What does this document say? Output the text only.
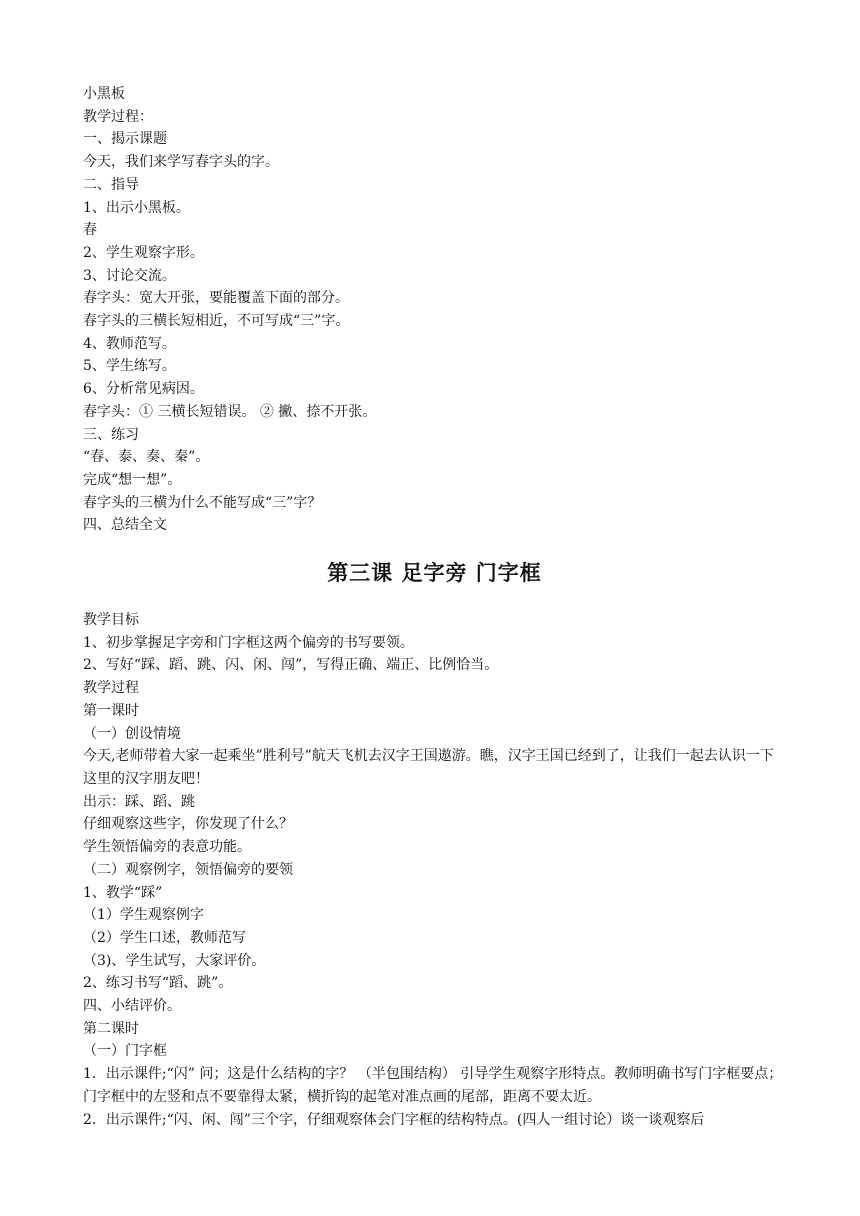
小黑板

教学过程：

一、揭示课题

今天，我们来学写春字头的字。

二、指导

1、出示小黑板。

春

2、学生观察字形。

3、讨论交流。

春字头：宽大开张，要能覆盖下面的部分。

春字头的三横长短相近，不可写成“三”字。

4、教师范写。

5、学生练写。

6、分析常见病因。

春字头：① 三横长短错误。 ② 撇、捺不开张。

三、练习

“春、泰、奏、秦”。

完成“想一想”。

春字头的三横为什么不能写成“三”字？

四、总结全文

第三课 足字旁 门字框

教学目标

1、初步掌握足字旁和门字框这两个偏旁的书写要领。

2、写好“踩、蹈、跳、闪、闲、闯”，写得正确、端正、比例恰当。

教学过程

第一课时

（一）创设情境

今天,老师带着大家一起乘坐”胜利号”航天飞机去汉字王国遨游。瞧，汉字王国已经到了，让我们一起去认识一下这里的汉字朋友吧！

出示：踩、蹈、跳

仔细观察这些字，你发现了什么？

学生领悟偏旁的表意功能。

（二）观察例字，领悟偏旁的要领

1、教学“踩”

（1）学生观察例字

（2）学生口述，教师范写

（3)、学生试写，大家评价。

2、练习书写“蹈、跳”。

四、小结评价。

第二课时

（一）门字框

1．出示课件;“闪” 问；这是什么结构的字？ （半包围结构） 引导学生观察字形特点。教师明确书写门字框要点；门字框中的左竖和点不要靠得太紧，横折钩的起笔对准点画的尾部，距离不要太近。

2．出示课件;“闪、闲、闯”三个字，仔细观察体会门字框的结构特点。(四人一组讨论）谈一谈观察后
